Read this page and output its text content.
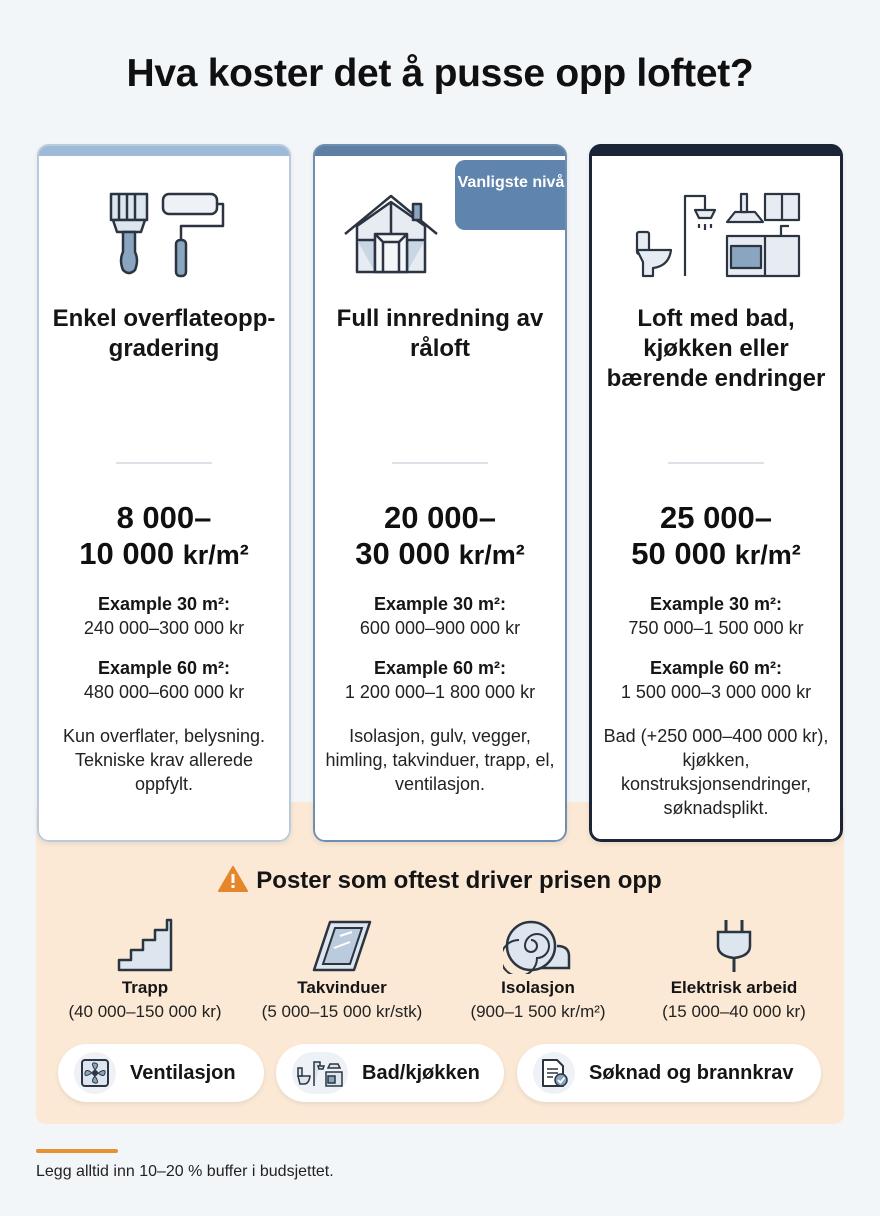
Hva koster det å pusse opp loftet?
Enkel overflateopp-gradering
8 000–
10 000 kr/m²
Example 30 m²:
240 000–300 000 kr
Example 60 m²:
480 000–600 000 kr
Kun overflater, belysning. Tekniske krav allerede oppfylt.
Vanligste nivå
Full innredning av råloft
20 000–
30 000 kr/m²
Example 30 m²:
600 000–900 000 kr
Example 60 m²:
1 200 000–1 800 000 kr
Isolasjon, gulv, vegger, himling, takvinduer, trapp, el, ventilasjon.
Loft med bad, kjøkken eller bærende endringer
25 000–
50 000 kr/m²
Example 30 m²:
750 000–1 500 000 kr
Example 60 m²:
1 500 000–3 000 000 kr
Bad (+250 000–400 000 kr), kjøkken, konstruksjonsendringer, søknadsplikt.
Poster som oftest driver prisen opp
Trapp
(40 000–150 000 kr)
Takvinduer
(5 000–15 000 kr/stk)
Isolasjon
(900–1 500 kr/m²)
Elektrisk arbeid
(15 000–40 000 kr)
Ventilasjon	Bad/kjøkken	Søknad og brannkrav
Legg alltid inn 10–20 % buffer i budsjettet.
